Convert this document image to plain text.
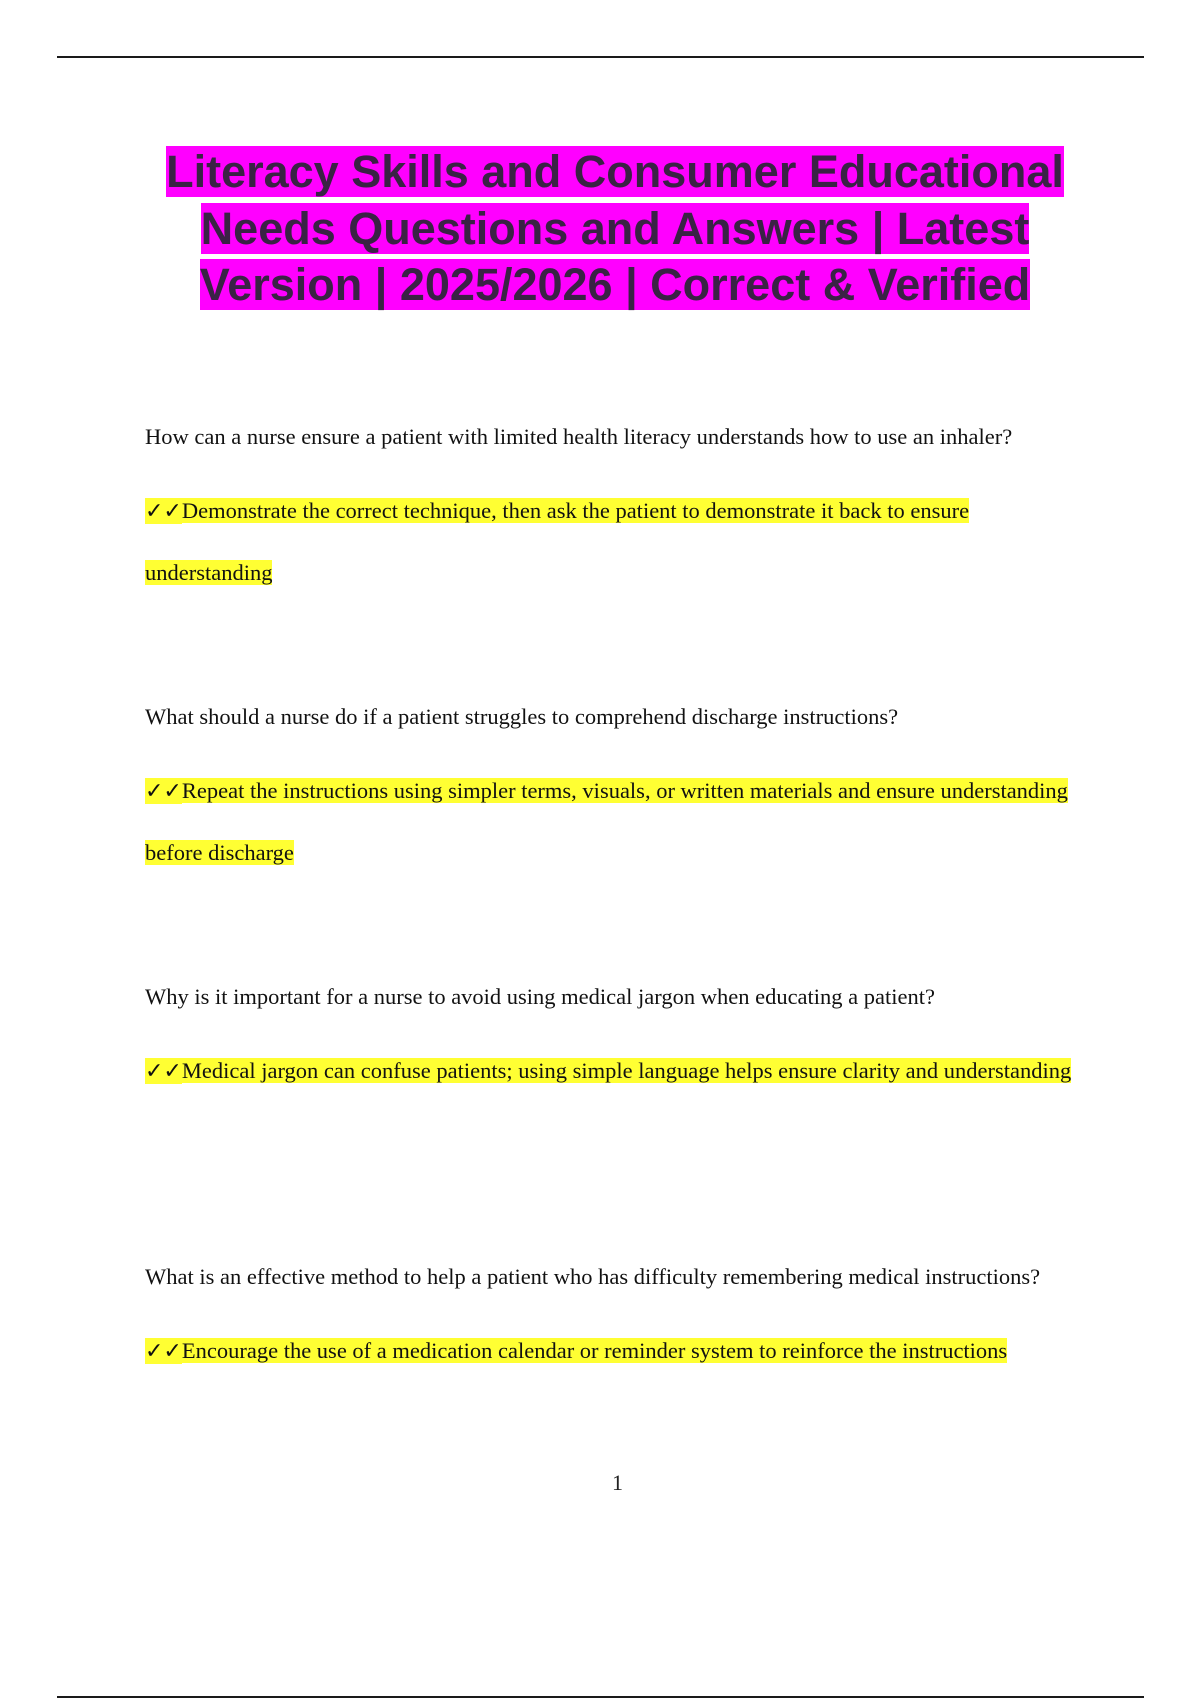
Literacy Skills and Consumer Educational Needs Questions and Answers | Latest Version | 2025/2026 | Correct & Verified

How can a nurse ensure a patient with limited health literacy understands how to use an inhaler?

✓✓Demonstrate the correct technique, then ask the patient to demonstrate it back to ensure understanding

What should a nurse do if a patient struggles to comprehend discharge instructions?

✓✓Repeat the instructions using simpler terms, visuals, or written materials and ensure understanding before discharge

Why is it important for a nurse to avoid using medical jargon when educating a patient?

✓✓Medical jargon can confuse patients; using simple language helps ensure clarity and understanding

What is an effective method to help a patient who has difficulty remembering medical instructions?

✓✓Encourage the use of a medication calendar or reminder system to reinforce the instructions

1
